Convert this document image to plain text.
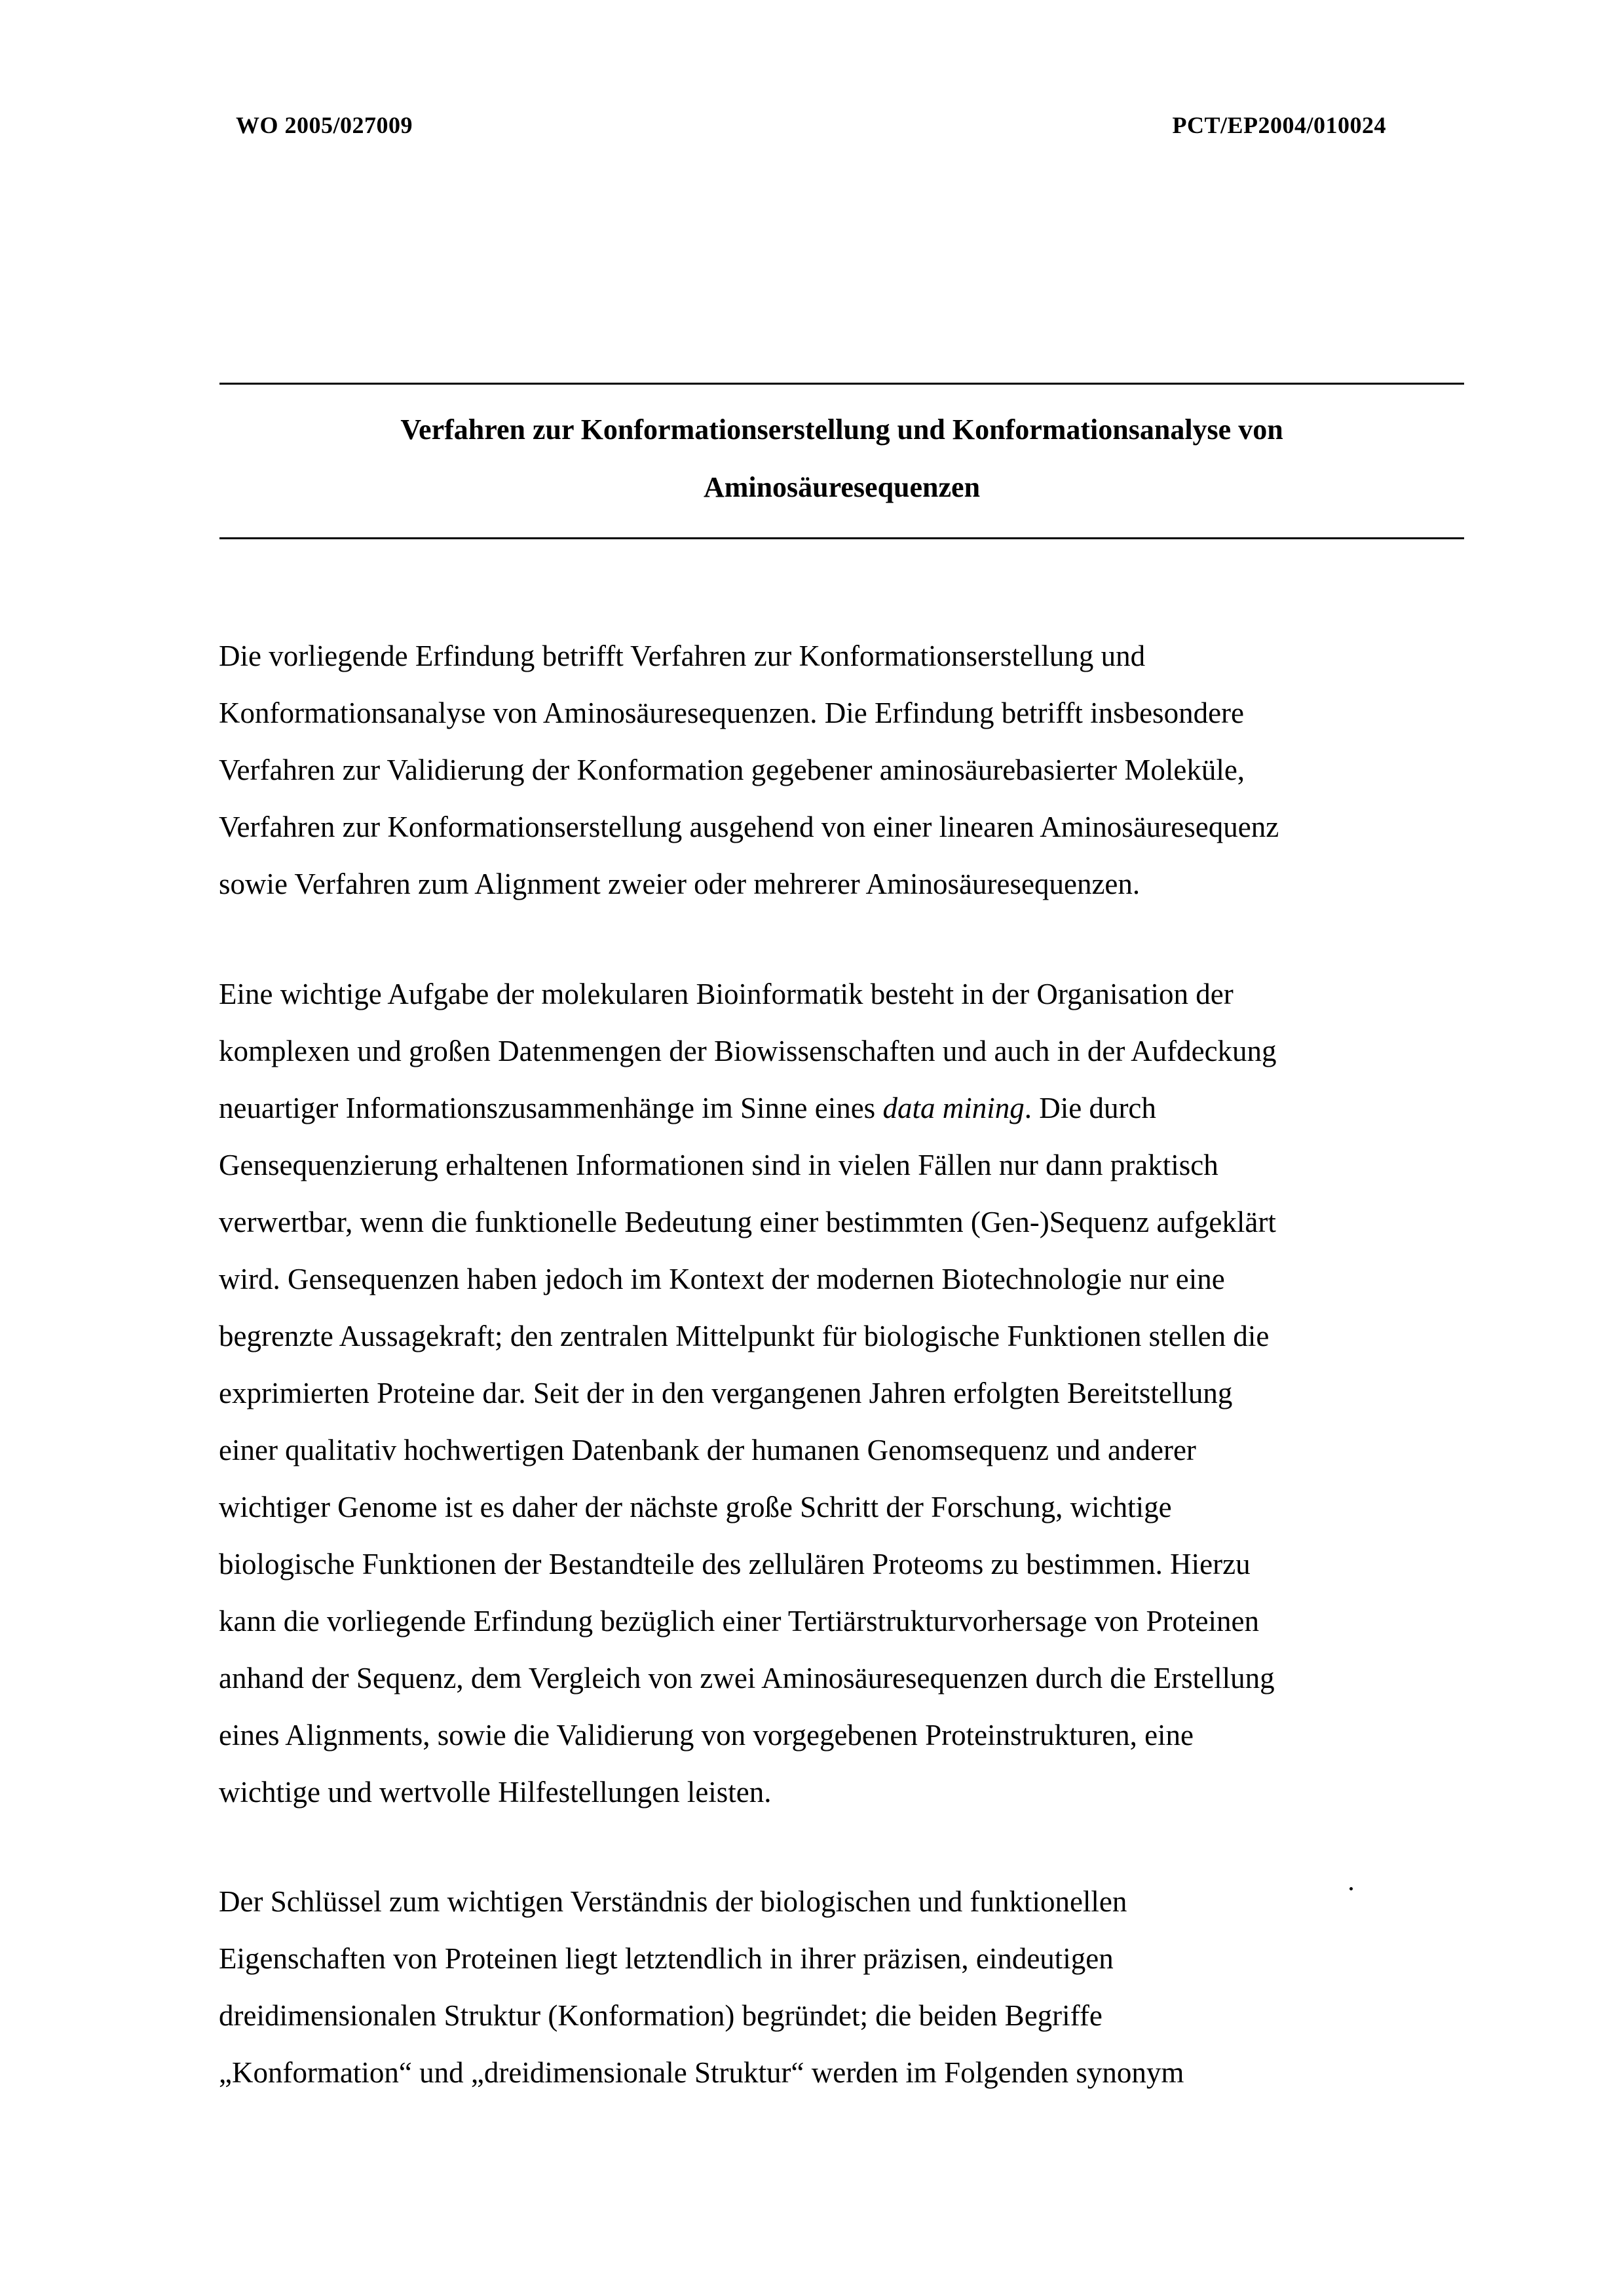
WO 2005/027009	PCT/EP2004/010024
Verfahren zur Konformationserstellung und Konformationsanalyse von
Aminosäuresequenzen
Die vorliegende Erfindung betrifft Verfahren zur Konformationserstellung und
Konformationsanalyse von Aminosäuresequenzen. Die Erfindung betrifft insbesondere
Verfahren zur Validierung der Konformation gegebener aminosäurebasierter Moleküle,
Verfahren zur Konformationserstellung ausgehend von einer linearen Aminosäuresequenz
sowie Verfahren zum Alignment zweier oder mehrerer Aminosäuresequenzen.
Eine wichtige Aufgabe der molekularen Bioinformatik besteht in der Organisation der
komplexen und großen Datenmengen der Biowissenschaften und auch in der Aufdeckung
neuartiger Informationszusammenhänge im Sinne eines data mining. Die durch
Gensequenzierung erhaltenen Informationen sind in vielen Fällen nur dann praktisch
verwertbar, wenn die funktionelle Bedeutung einer bestimmten (Gen-)Sequenz aufgeklärt
wird. Gensequenzen haben jedoch im Kontext der modernen Biotechnologie nur eine
begrenzte Aussagekraft; den zentralen Mittelpunkt für biologische Funktionen stellen die
exprimierten Proteine dar. Seit der in den vergangenen Jahren erfolgten Bereitstellung
einer qualitativ hochwertigen Datenbank der humanen Genomsequenz und anderer
wichtiger Genome ist es daher der nächste große Schritt der Forschung, wichtige
biologische Funktionen der Bestandteile des zellulären Proteoms zu bestimmen. Hierzu
kann die vorliegende Erfindung bezüglich einer Tertiärstrukturvorhersage von Proteinen
anhand der Sequenz, dem Vergleich von zwei Aminosäuresequenzen durch die Erstellung
eines Alignments, sowie die Validierung von vorgegebenen Proteinstrukturen, eine
wichtige und wertvolle Hilfestellungen leisten.
Der Schlüssel zum wichtigen Verständnis der biologischen und funktionellen
Eigenschaften von Proteinen liegt letztendlich in ihrer präzisen, eindeutigen
dreidimensionalen Struktur (Konformation) begründet; die beiden Begriffe
„Konformation“ und „dreidimensionale Struktur“ werden im Folgenden synonym
